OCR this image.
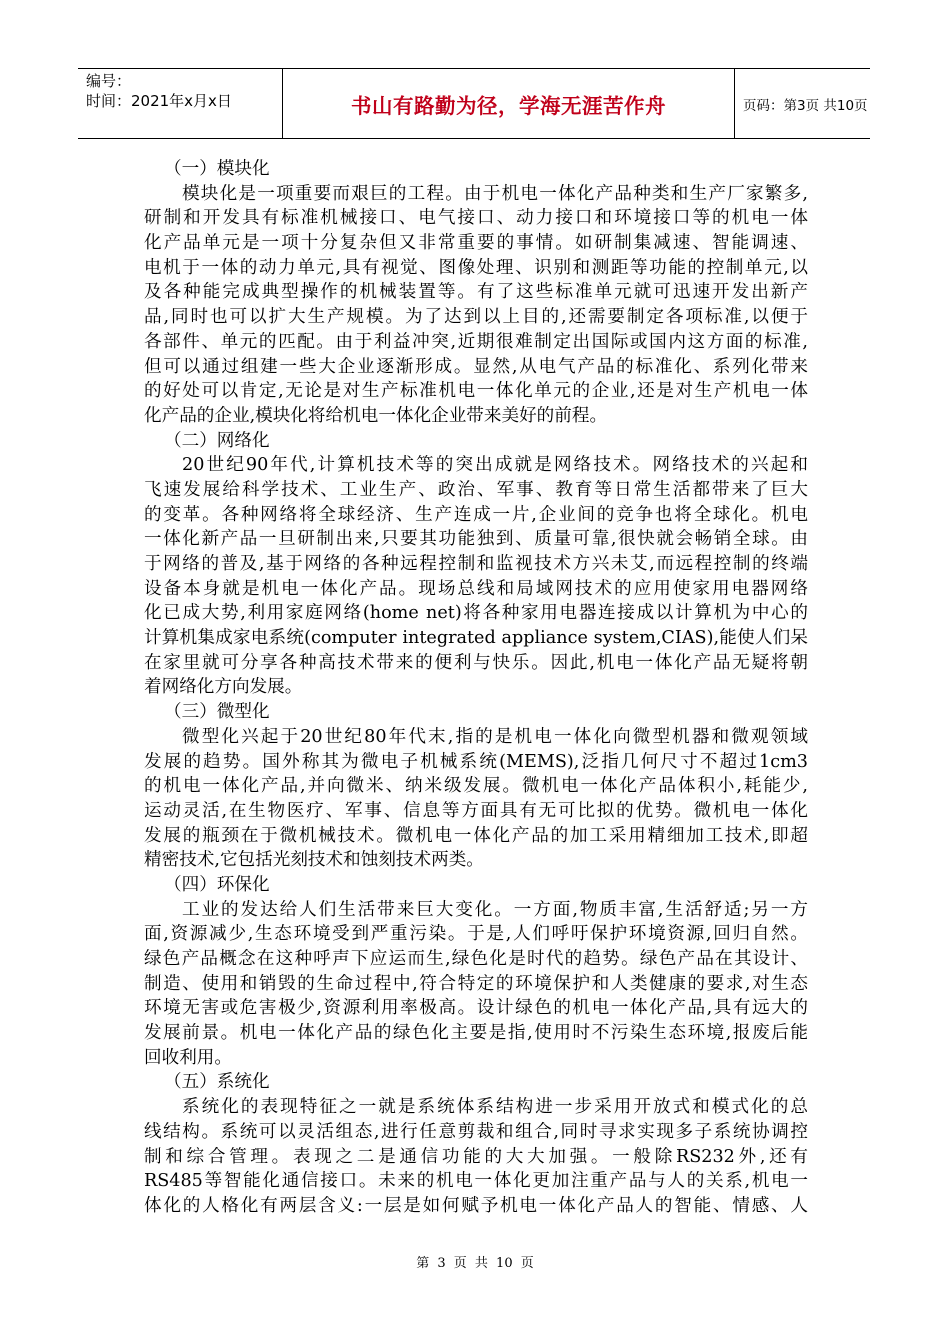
编号：
时间：2021年x月x日	书山有路勤为径，学海无涯苦作舟	页码：第3页 共10页
（一）模块化
模块化是一项重要而艰巨的工程。由于机电一体化产品种类和生产厂家繁多,
研制和开发具有标准机械接口、电气接口、动力接口和环境接口等的机电一体
化产品单元是一项十分复杂但又非常重要的事情。如研制集减速、智能调速、
电机于一体的动力单元,具有视觉、图像处理、识别和测距等功能的控制单元,以
及各种能完成典型操作的机械装置等。有了这些标准单元就可迅速开发出新产
品,同时也可以扩大生产规模。为了达到以上目的,还需要制定各项标准,以便于
各部件、单元的匹配。由于利益冲突,近期很难制定出国际或国内这方面的标准,
但可以通过组建一些大企业逐渐形成。显然,从电气产品的标准化、系列化带来
的好处可以肯定,无论是对生产标准机电一体化单元的企业,还是对生产机电一体
化产品的企业,模块化将给机电一体化企业带来美好的前程。
（二）网络化
20世纪90年代,计算机技术等的突出成就是网络技术。网络技术的兴起和
飞速发展给科学技术、工业生产、政治、军事、教育等日常生活都带来了巨大
的变革。各种网络将全球经济、生产连成一片,企业间的竞争也将全球化。机电
一体化新产品一旦研制出来,只要其功能独到、质量可靠,很快就会畅销全球。由
于网络的普及,基于网络的各种远程控制和监视技术方兴未艾,而远程控制的终端
设备本身就是机电一体化产品。现场总线和局域网技术的应用使家用电器网络
化已成大势,利用家庭网络(home net)将各种家用电器连接成以计算机为中心的
计算机集成家电系统(computer integrated appliance system,CIAS),能使人们呆
在家里就可分享各种高技术带来的便利与快乐。因此,机电一体化产品无疑将朝
着网络化方向发展。
（三）微型化
微型化兴起于20世纪80年代末,指的是机电一体化向微型机器和微观领域
发展的趋势。国外称其为微电子机械系统(MEMS),泛指几何尺寸不超过1cm3
的机电一体化产品,并向微米、纳米级发展。微机电一体化产品体积小,耗能少,
运动灵活,在生物医疗、军事、信息等方面具有无可比拟的优势。微机电一体化
发展的瓶颈在于微机械技术。微机电一体化产品的加工采用精细加工技术,即超
精密技术,它包括光刻技术和蚀刻技术两类。
（四）环保化
工业的发达给人们生活带来巨大变化。一方面,物质丰富,生活舒适;另一方
面,资源减少,生态环境受到严重污染。于是,人们呼吁保护环境资源,回归自然。
绿色产品概念在这种呼声下应运而生,绿色化是时代的趋势。绿色产品在其设计、
制造、使用和销毁的生命过程中,符合特定的环境保护和人类健康的要求,对生态
环境无害或危害极少,资源利用率极高。设计绿色的机电一体化产品,具有远大的
发展前景。机电一体化产品的绿色化主要是指,使用时不污染生态环境,报废后能
回收利用。
（五）系统化
系统化的表现特征之一就是系统体系结构进一步采用开放式和模式化的总
线结构。系统可以灵活组态,进行任意剪裁和组合,同时寻求实现多子系统协调控
制和综合管理。表现之二是通信功能的大大加强。一般除RS232外,还有
RS485等智能化通信接口。未来的机电一体化更加注重产品与人的关系,机电一
体化的人格化有两层含义:一层是如何赋予机电一体化产品人的智能、情感、人
第 3 页 共 10 页
